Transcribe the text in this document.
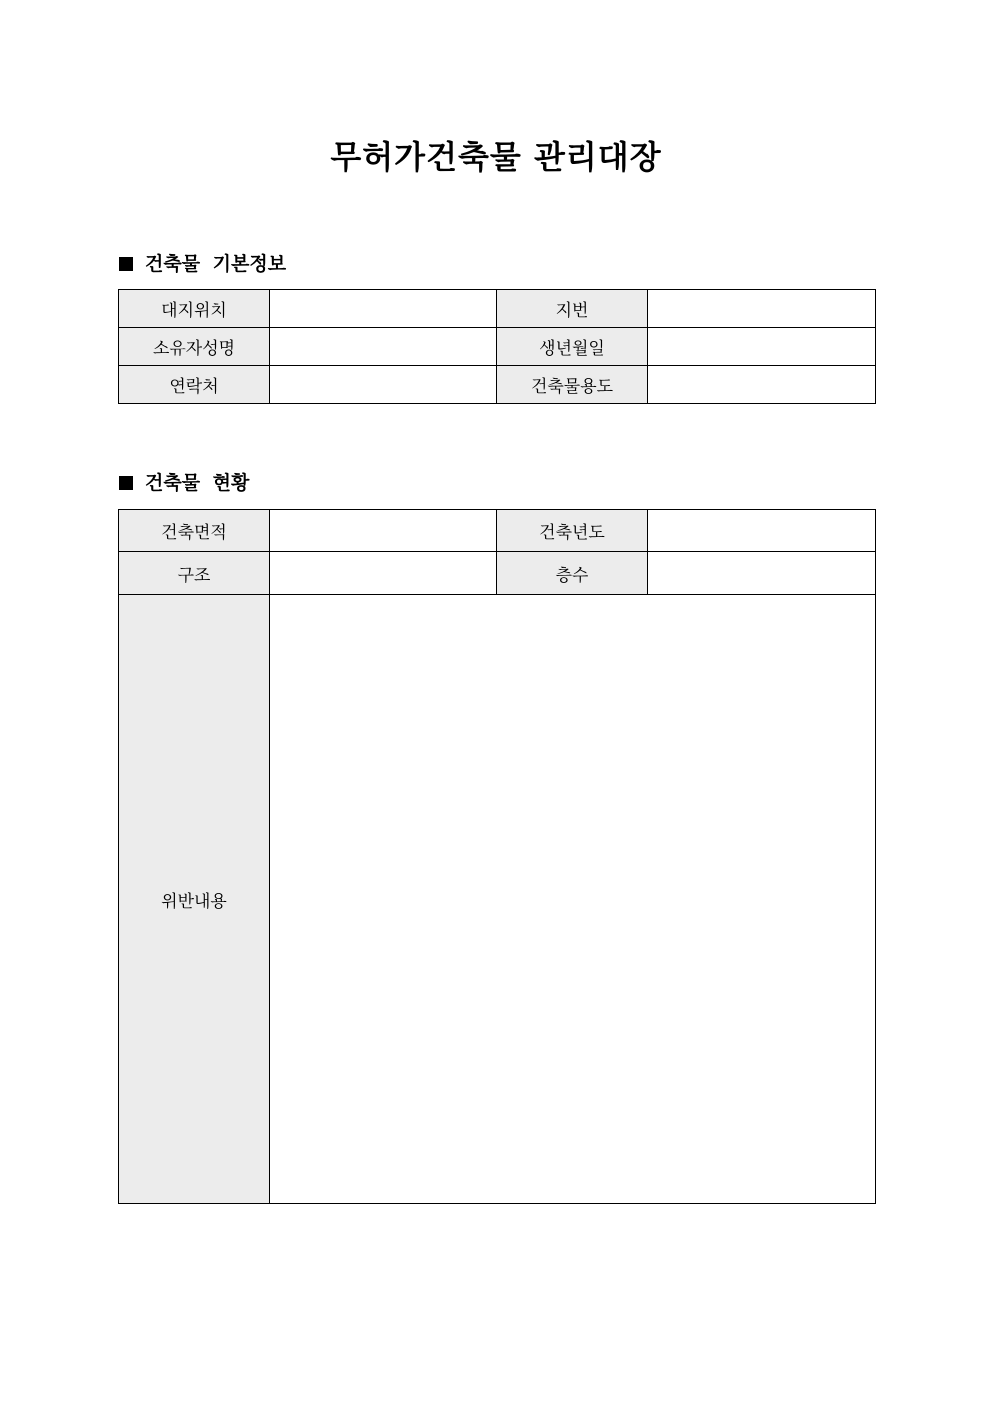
무허가건축물 관리대장
건축물 기본정보
대지위치		지번	
소유자성명		생년월일	
연락처		건축물용도	
건축물 현황
건축면적		건축년도	
구조		층수	
위반내용			
